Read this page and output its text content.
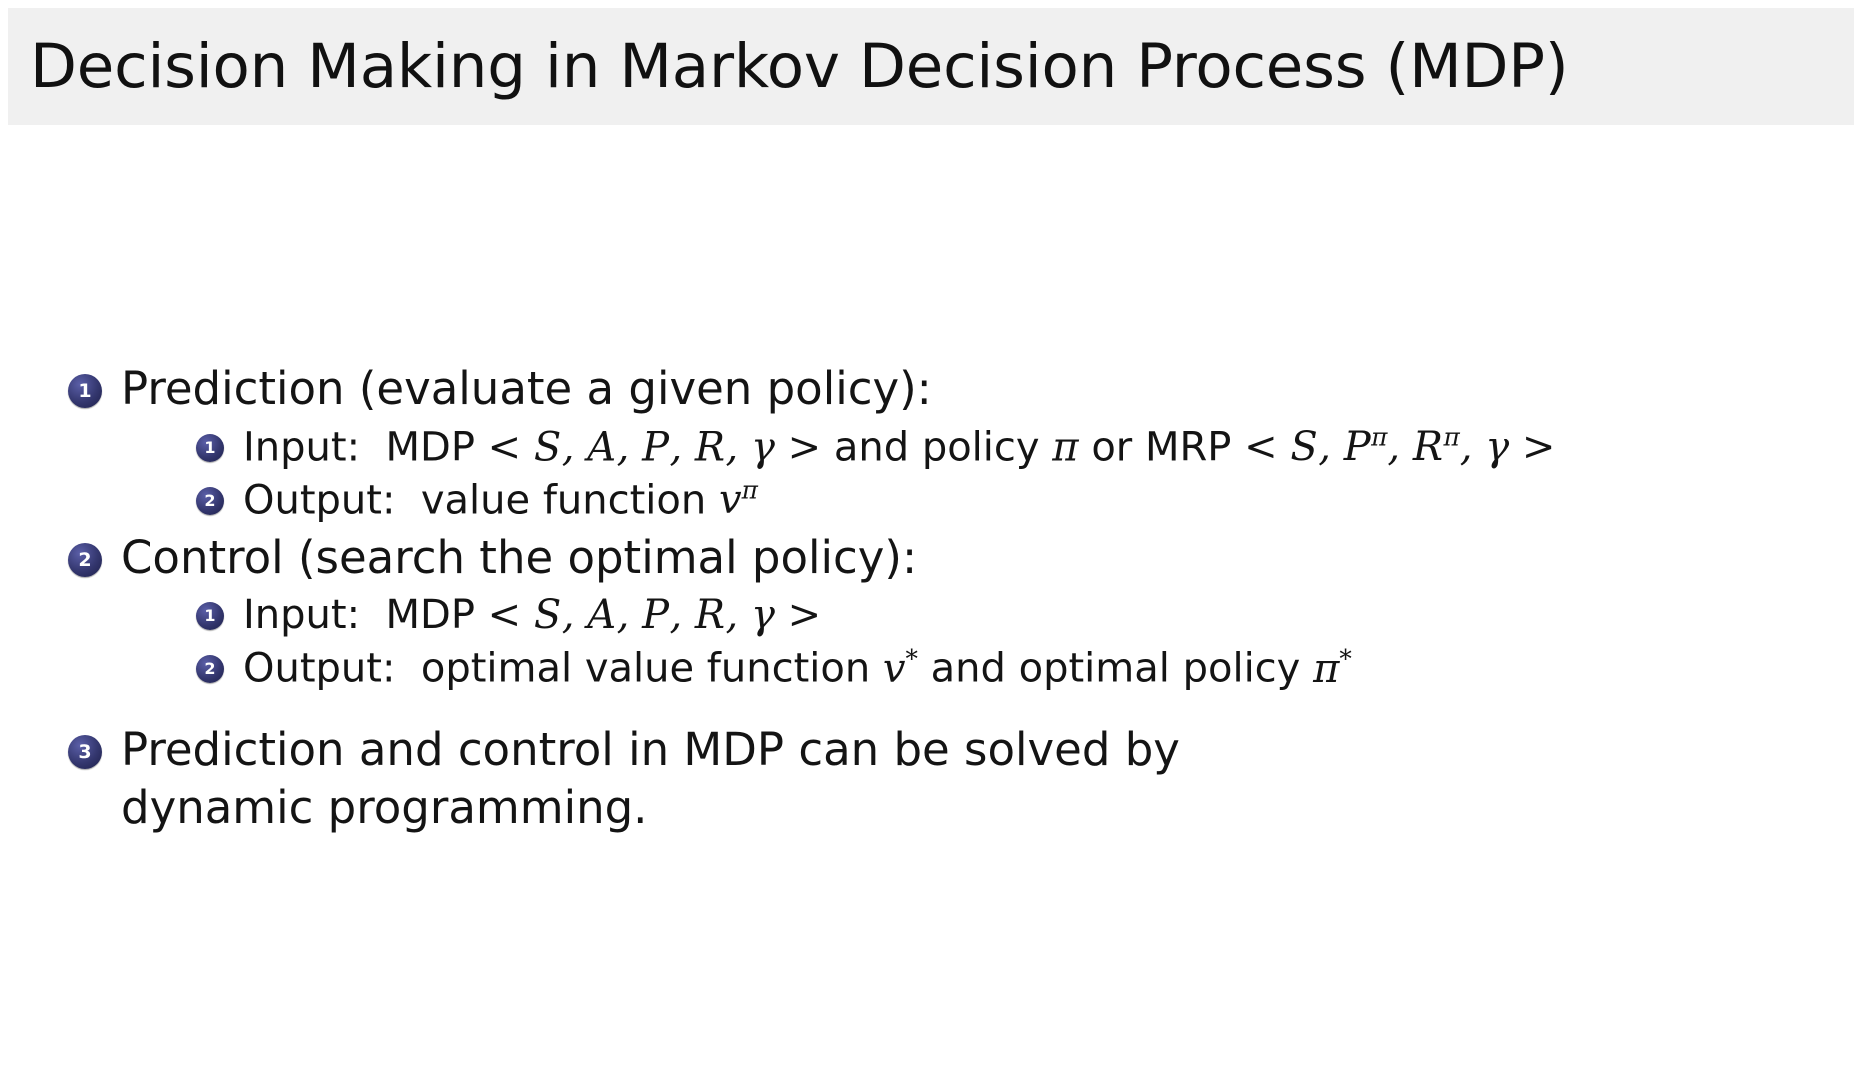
Decision Making in Markov Decision Process (MDP)
1 Prediction (evaluate a given policy):
1 Input: MDP < S, A, P, R, γ > and policy π or MRP < S, $P^\pi$, $R^\pi$, γ >
2 Output: value function $v^\pi$
2 Control (search the optimal policy):
1 Input: MDP < S, A, P, R, γ >
2 Output: optimal value function v* and optimal policy π*
3 Prediction and control in MDP can be solved by dynamic programming.
